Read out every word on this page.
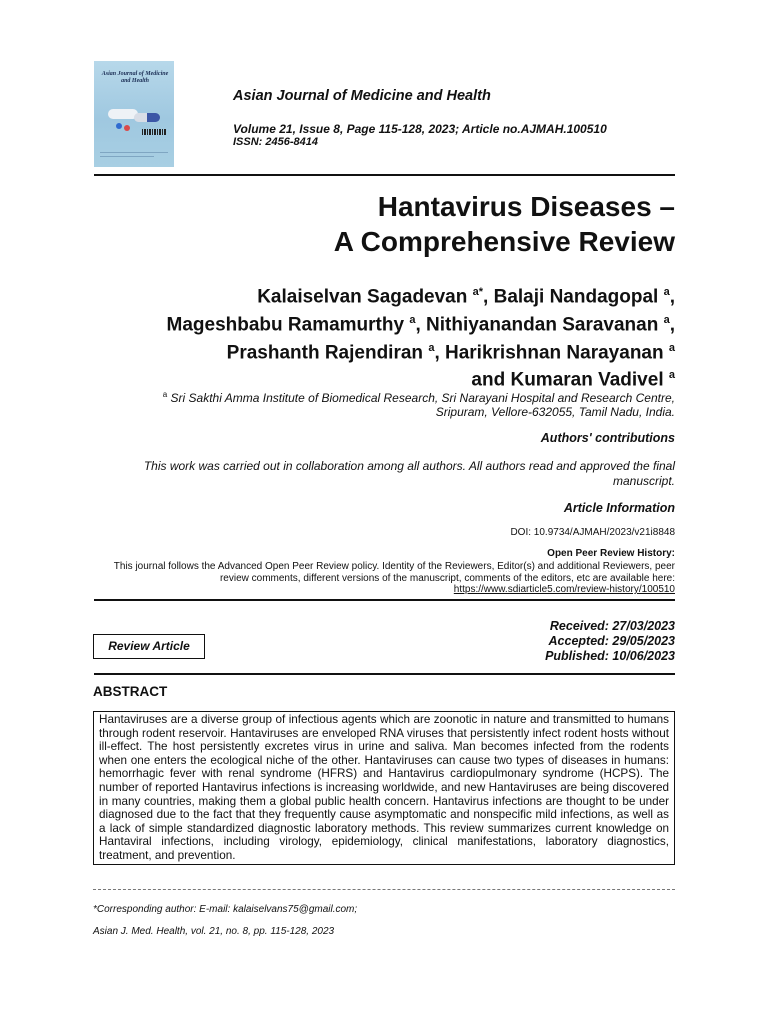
Asian Journal of Medicine and Health
Asian Journal of Medicine and Health
Volume 21, Issue 8, Page 115-128, 2023; Article no.AJMAH.100510
ISSN: 2456-8414
Hantavirus Diseases –
A Comprehensive Review
Kalaiselvan Sagadevan $^{a*}$, Balaji Nandagopal $^a$,
Mageshbabu Ramamurthy $^a$, Nithiyanandan Saravanan $^a$,
Prashanth Rajendiran $^a$, Harikrishnan Narayanan $^a$
and Kumaran Vadivel $^a$
$^a$ Sri Sakthi Amma Institute of Biomedical Research, Sri Narayani Hospital and Research Centre,
Sripuram, Vellore-632055, Tamil Nadu, India.
Authors' contributions
This work was carried out in collaboration among all authors. All authors read and approved the final manuscript.
Article Information
DOI: 10.9734/AJMAH/2023/v21i8848
Open Peer Review History:
This journal follows the Advanced Open Peer Review policy. Identity of the Reviewers, Editor(s) and additional Reviewers, peer
review comments, different versions of the manuscript, comments of the editors, etc are available here:
https://www.sdiarticle5.com/review-history/100510
Review Article
Received: 27/03/2023
Accepted: 29/05/2023
Published: 10/06/2023
ABSTRACT
Hantaviruses are a diverse group of infectious agents which are zoonotic in nature and transmitted to humans through rodent reservoir. Hantaviruses are enveloped RNA viruses that persistently infect rodent hosts without ill-effect. The host persistently excretes virus in urine and saliva. Man becomes infected from the rodents when one enters the ecological niche of the other. Hantaviruses can cause two types of diseases in humans: hemorrhagic fever with renal syndrome (HFRS) and Hantavirus cardiopulmonary syndrome (HCPS). The number of reported Hantavirus infections is increasing worldwide, and new Hantaviruses are being discovered in many countries, making them a global public health concern. Hantavirus infections are thought to be under diagnosed due to the fact that they frequently cause asymptomatic and nonspecific mild infections, as well as a lack of simple standardized diagnostic laboratory methods. This review summarizes current knowledge on Hantaviral infections, including virology, epidemiology, clinical manifestations, laboratory diagnostics, treatment, and prevention.
*Corresponding author: E-mail: kalaiselvans75@gmail.com;
Asian J. Med. Health, vol. 21, no. 8, pp. 115-128, 2023
